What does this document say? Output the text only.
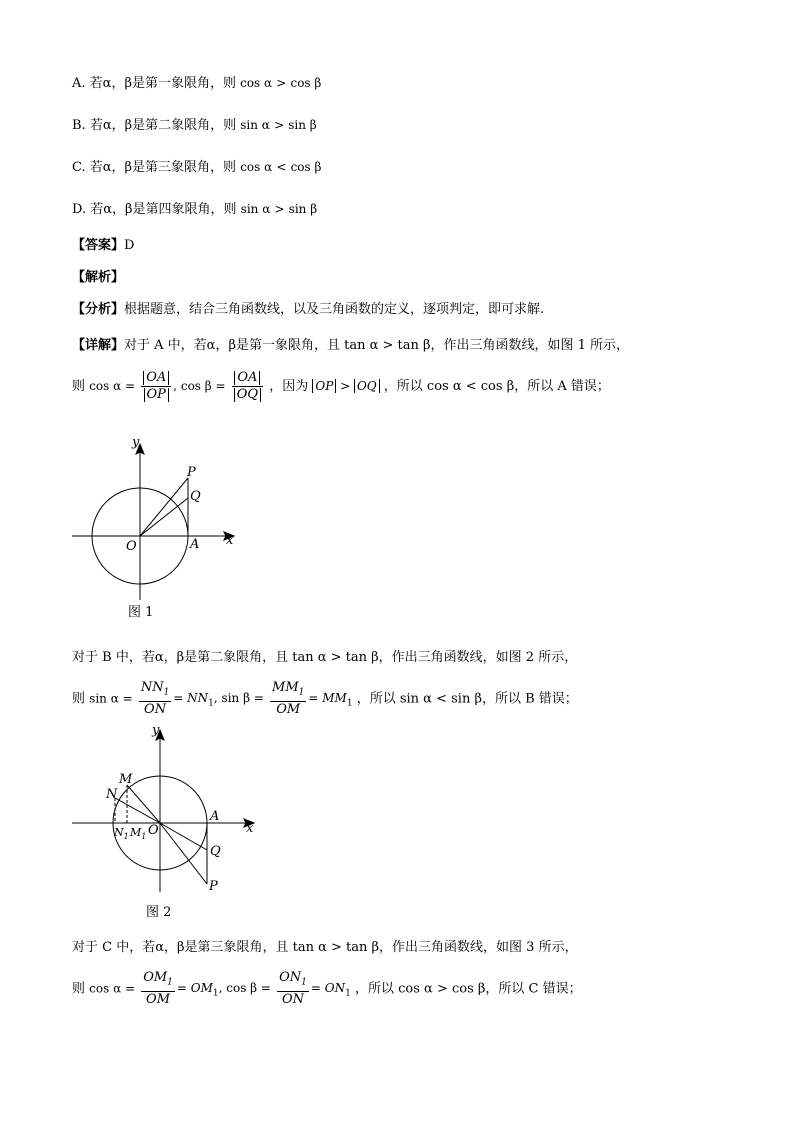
A. 若α，β是第一象限角，则 cos α > cos β
B. 若α，β是第二象限角，则 sin α > sin β
C. 若α，β是第三象限角，则 cos α < cos β
D. 若α，β是第四象限角，则 sin α > sin β
【答案】D
【解析】
【分析】根据题意，结合三角函数线，以及三角函数的定义，逐项判定，即可求解.
【详解】对于 A 中，若α，β是第一象限角，且 tan α > tan β，作出三角函数线，如图 1 所示，
则 $\cos \alpha = \frac{OA}{OP}$ , $\cos \beta = \frac{OA}{OQ}$ ，因为 OP > OQ ，所以 cos α < cos β，所以 A 错误；
y
x
O	A
P
Q
图 1
对于 B 中，若α，β是第二象限角，且 tan α > tan β，作出三角函数线，如图 2 所示，
则 $\sin \alpha = \frac{NN_1}{ON} = NN_1$, $\sin \beta = \frac{MM_1}{OM} = MM_1$ ，所以 sin α < sin β，所以 B 错误；
y
x
O
A
P
Q
M
N
$N_1$ $M_1$
图 2
对于 C 中，若α，β是第三象限角，且 tan α > tan β，作出三角函数线，如图 3 所示，
则 $\cos \alpha = \frac{OM_1}{OM} = OM_1$, $\cos \beta = \frac{ON_1}{ON} = ON_1$ ，所以 cos α > cos β，所以 C 错误；
